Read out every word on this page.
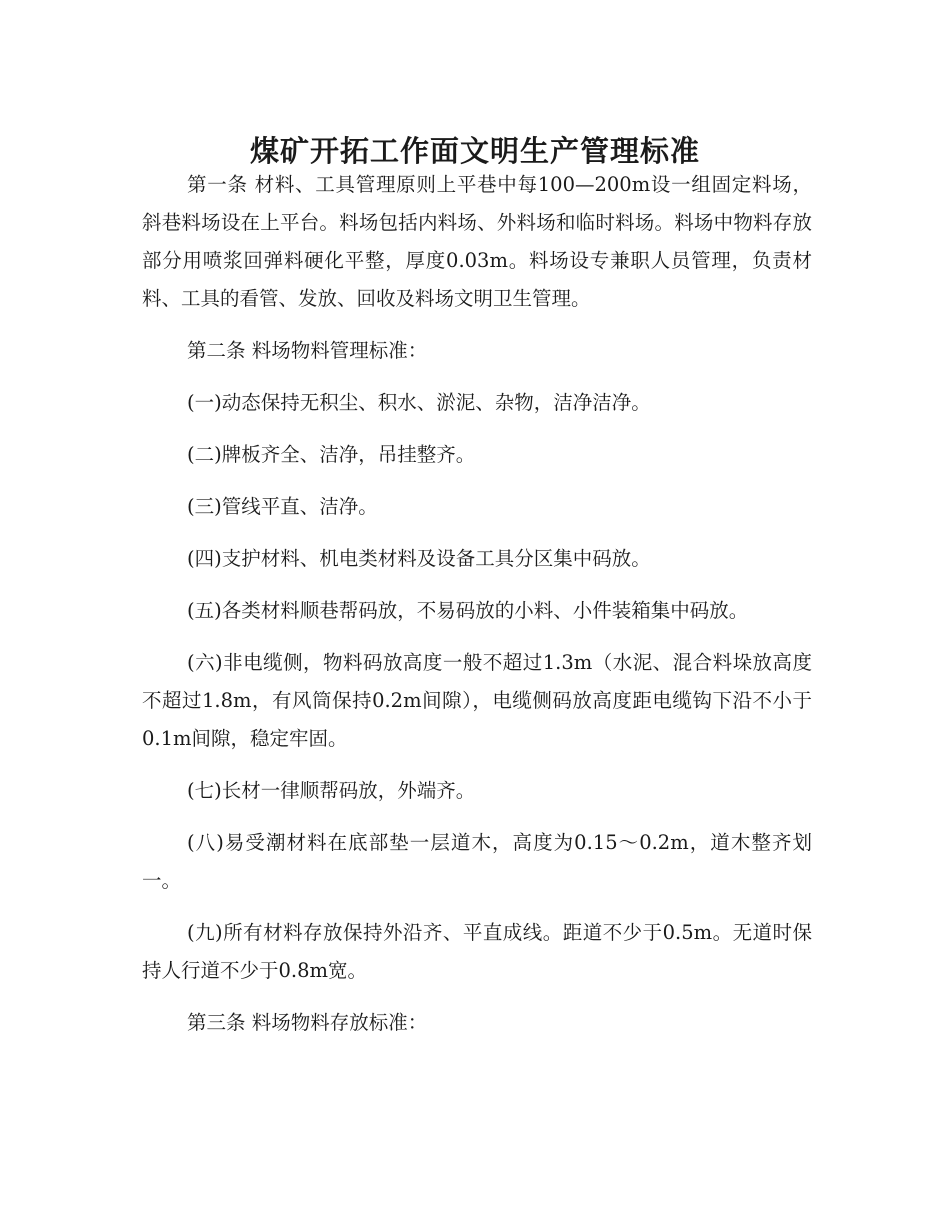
煤矿开拓工作面文明生产管理标准

第一条 材料、工具管理原则上平巷中每100—200m设一组固定料场，斜巷料场设在上平台。料场包括内料场、外料场和临时料场。料场中物料存放部分用喷浆回弹料硬化平整，厚度0.03m。料场设专兼职人员管理，负责材料、工具的看管、发放、回收及料场文明卫生管理。

第二条 料场物料管理标准：

(一)动态保持无积尘、积水、淤泥、杂物，洁净洁净。

(二)牌板齐全、洁净，吊挂整齐。

(三)管线平直、洁净。

(四)支护材料、机电类材料及设备工具分区集中码放。

(五)各类材料顺巷帮码放，不易码放的小料、小件装箱集中码放。

(六)非电缆侧，物料码放高度一般不超过1.3m（水泥、混合料垛放高度不超过1.8m，有风筒保持0.2m间隙），电缆侧码放高度距电缆钩下沿不小于0.1m间隙，稳定牢固。

(七)长材一律顺帮码放，外端齐。

(八)易受潮材料在底部垫一层道木，高度为0.15～0.2m，道木整齐划一。

(九)所有材料存放保持外沿齐、平直成线。距道不少于0.5m。无道时保持人行道不少于0.8m宽。

第三条 料场物料存放标准：
